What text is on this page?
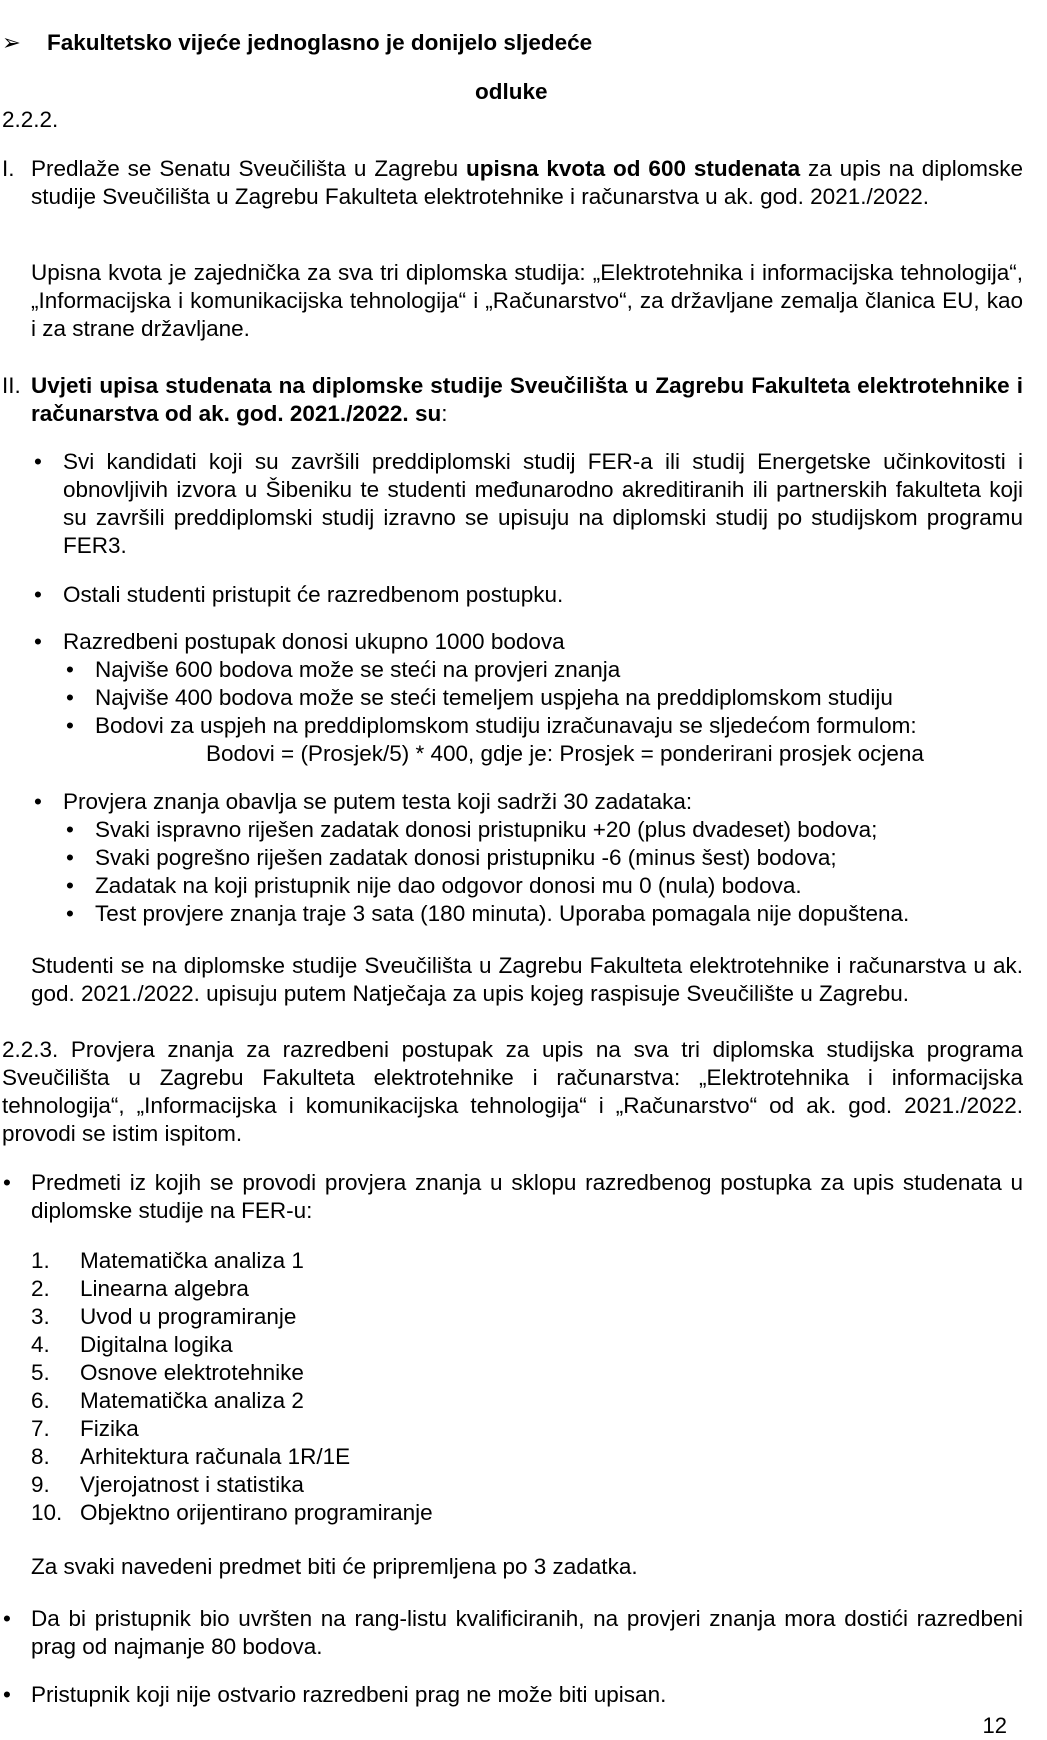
➢ Fakultetsko vijeće jednoglasno je donijelo sljedeće
odluke
2.2.2.
I. Predlaže se Senatu Sveučilišta u Zagrebu upisna kvota od 600 studenata za upis na diplomske studije Sveučilišta u Zagrebu Fakulteta elektrotehnike i računarstva u ak. god. 2021./2022.
Upisna kvota je zajednička za sva tri diplomska studija: „Elektrotehnika i informacijska tehnologija“, „Informacijska i komunikacijska tehnologija“ i „Računarstvo“, za državljane zemalja članica EU, kao i za strane državljane.
II. Uvjeti upisa studenata na diplomske studije Sveučilišta u Zagrebu Fakulteta elektrotehnike i računarstva od ak. god. 2021./2022. su:
• Svi kandidati koji su završili preddiplomski studij FER-a ili studij Energetske učinkovitosti i obnovljivih izvora u Šibeniku te studenti međunarodno akreditiranih ili partnerskih fakulteta koji su završili preddiplomski studij izravno se upisuju na diplomski studij po studijskom programu FER3.
• Ostali studenti pristupit će razredbenom postupku.
• Razredbeni postupak donosi ukupno 1000 bodova
• Najviše 600 bodova može se steći na provjeri znanja
• Najviše 400 bodova može se steći temeljem uspjeha na preddiplomskom studiju
• Bodovi za uspjeh na preddiplomskom studiju izračunavaju se sljedećom formulom:
Bodovi = (Prosjek/5) * 400, gdje je: Prosjek = ponderirani prosjek ocjena
• Provjera znanja obavlja se putem testa koji sadrži 30 zadataka:
• Svaki ispravno riješen zadatak donosi pristupniku +20 (plus dvadeset) bodova;
• Svaki pogrešno riješen zadatak donosi pristupniku -6 (minus šest) bodova;
• Zadatak na koji pristupnik nije dao odgovor donosi mu 0 (nula) bodova.
• Test provjere znanja traje 3 sata (180 minuta). Uporaba pomagala nije dopuštena.
Studenti se na diplomske studije Sveučilišta u Zagrebu Fakulteta elektrotehnike i računarstva u ak. god. 2021./2022. upisuju putem Natječaja za upis kojeg raspisuje Sveučilište u Zagrebu.
2.2.3. Provjera znanja za razredbeni postupak za upis na sva tri diplomska studijska programa Sveučilišta u Zagrebu Fakulteta elektrotehnike i računarstva: „Elektrotehnika i informacijska tehnologija“, „Informacijska i komunikacijska tehnologija“ i „Računarstvo“ od ak. god. 2021./2022. provodi se istim ispitom.
• Predmeti iz kojih se provodi provjera znanja u sklopu razredbenog postupka za upis studenata u diplomske studije na FER-u:
1.	Matematička analiza 1
2.	Linearna algebra
3.	Uvod u programiranje
4.	Digitalna logika
5.	Osnove elektrotehnike
6.	Matematička analiza 2
7.	Fizika
8.	Arhitektura računala 1R/1E
9.	Vjerojatnost i statistika
10. Objektno orijentirano programiranje
Za svaki navedeni predmet biti će pripremljena po 3 zadatka.
• Da bi pristupnik bio uvršten na rang-listu kvalificiranih, na provjeri znanja mora dostići razredbeni prag od najmanje 80 bodova.
• Pristupnik koji nije ostvario razredbeni prag ne može biti upisan.
12
